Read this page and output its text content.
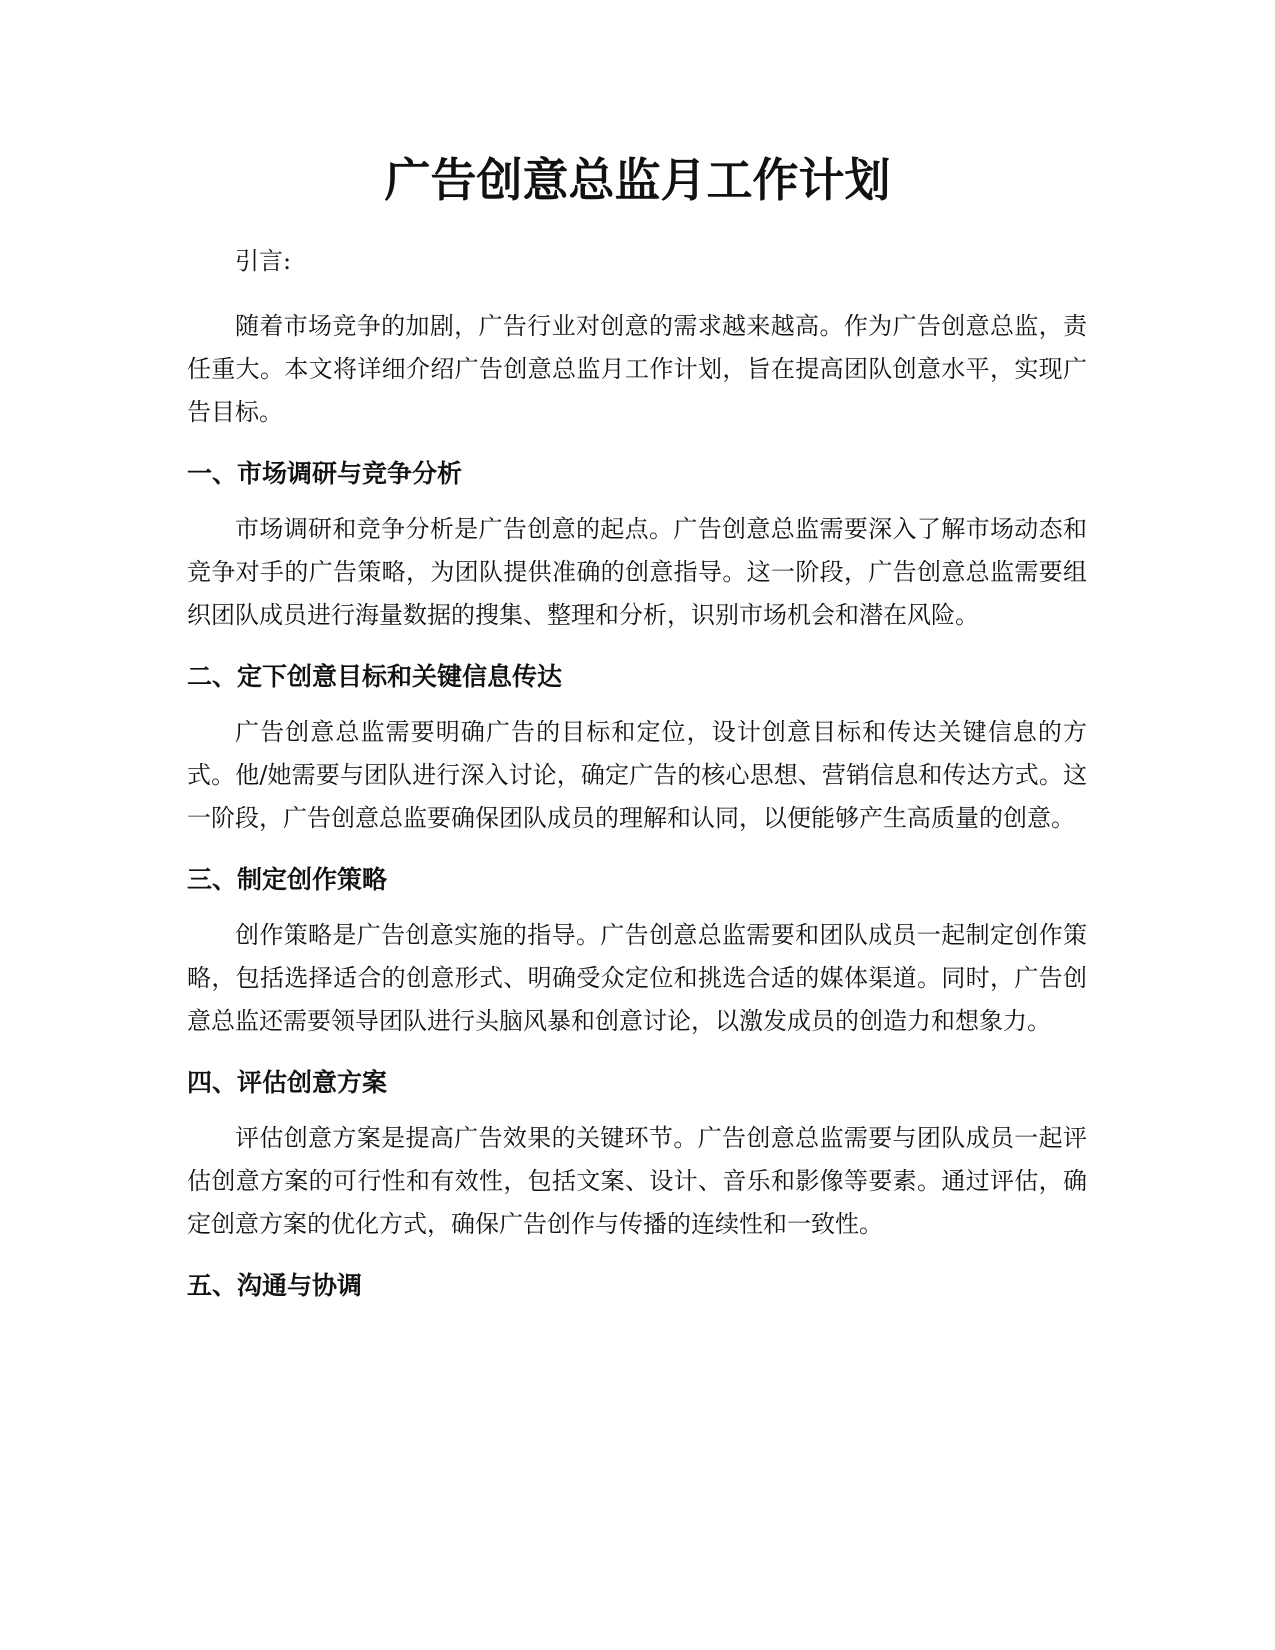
广告创意总监月工作计划

引言:

随着市场竞争的加剧，广告行业对创意的需求越来越高。作为广告创意总监，责任重大。本文将详细介绍广告创意总监月工作计划，旨在提高团队创意水平，实现广告目标。

一、市场调研与竞争分析

市场调研和竞争分析是广告创意的起点。广告创意总监需要深入了解市场动态和竞争对手的广告策略，为团队提供准确的创意指导。这一阶段，广告创意总监需要组织团队成员进行海量数据的搜集、整理和分析，识别市场机会和潜在风险。

二、定下创意目标和关键信息传达

广告创意总监需要明确广告的目标和定位，设计创意目标和传达关键信息的方式。他/她需要与团队进行深入讨论，确定广告的核心思想、营销信息和传达方式。这一阶段，广告创意总监要确保团队成员的理解和认同，以便能够产生高质量的创意。

三、制定创作策略

创作策略是广告创意实施的指导。广告创意总监需要和团队成员一起制定创作策略，包括选择适合的创意形式、明确受众定位和挑选合适的媒体渠道。同时，广告创意总监还需要领导团队进行头脑风暴和创意讨论，以激发成员的创造力和想象力。

四、评估创意方案

评估创意方案是提高广告效果的关键环节。广告创意总监需要与团队成员一起评估创意方案的可行性和有效性，包括文案、设计、音乐和影像等要素。通过评估，确定创意方案的优化方式，确保广告创作与传播的连续性和一致性。

五、沟通与协调
